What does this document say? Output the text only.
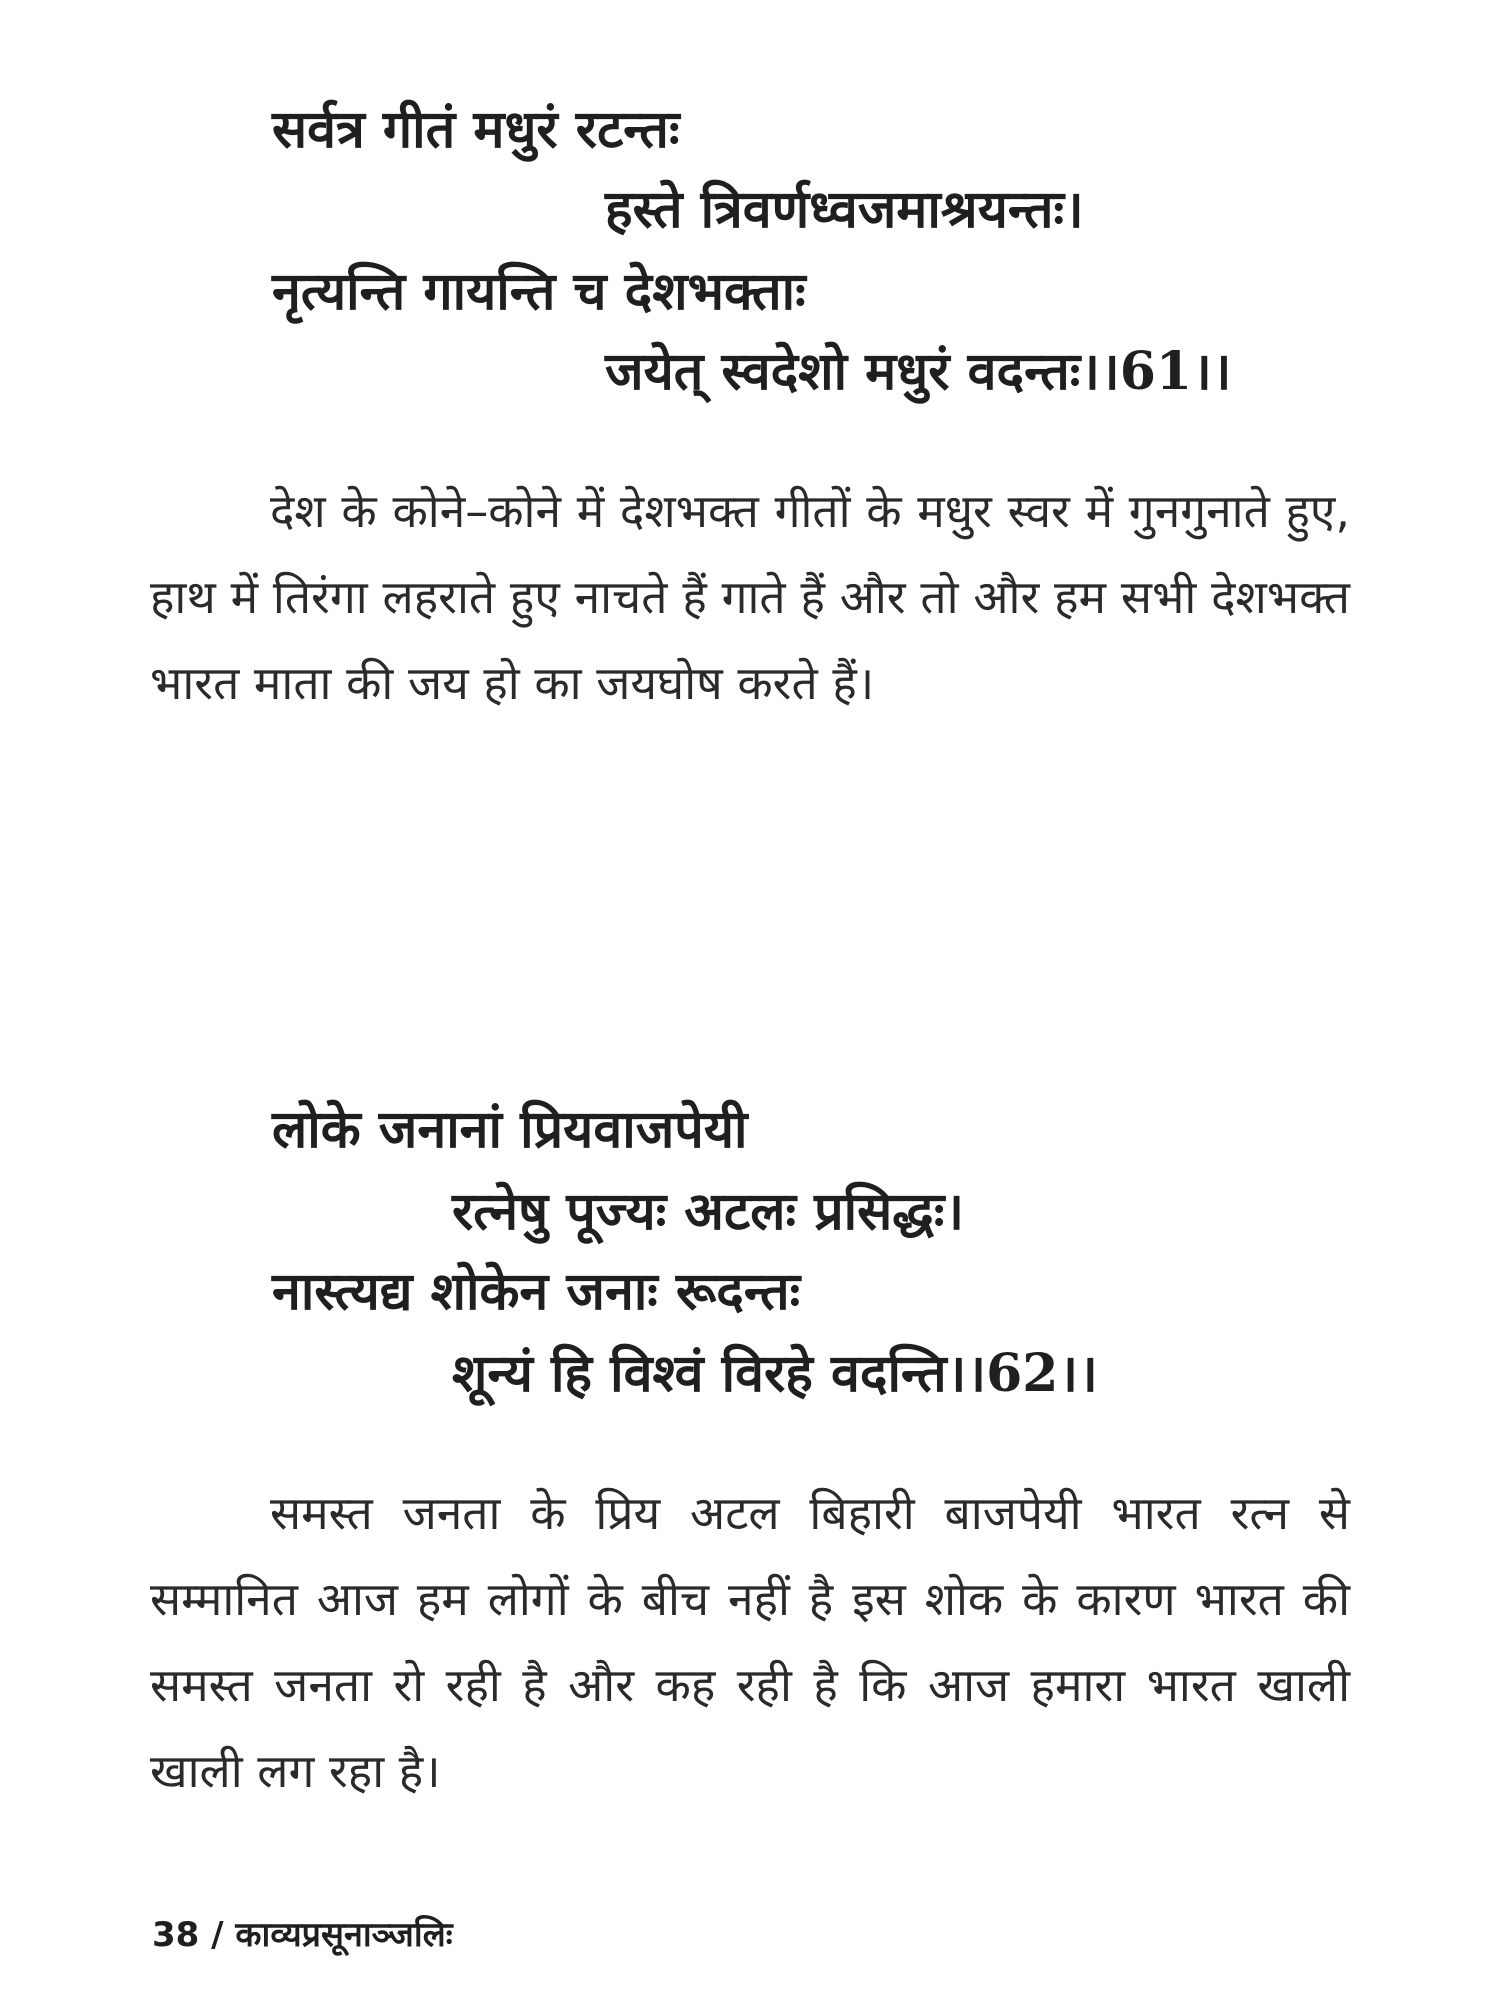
सर्वत्र गीतं मधुरं रटन्तः
हस्ते त्रिवर्णध्वजमाश्रयन्तः।
नृत्यन्ति गायन्ति च देशभक्ताः
जयेत् स्वदेशो मधुरं वदन्तः।।61।।

देश के कोने–कोने में देशभक्त गीतों के मधुर स्वर में गुनगुनाते हुए, हाथ में तिरंगा लहराते हुए नाचते हैं गाते हैं और तो और हम सभी देशभक्त भारत माता की जय हो का जयघोष करते हैं।

लोके जनानां प्रियवाजपेयी
रत्नेषु पूज्यः अटलः प्रसिद्धः।
नास्त्यद्य शोकेन जनाः रूदन्तः
शून्यं हि विश्वं विरहे वदन्ति।।62।।

समस्त जनता के प्रिय अटल बिहारी बाजपेयी भारत रत्न से सम्मानित आज हम लोगों के बीच नहीं है इस शोक के कारण भारत की समस्त जनता रो रही है और कह रही है कि आज हमारा भारत खाली खाली लग रहा है।

38 / काव्यप्रसूनाञ्जलिः
